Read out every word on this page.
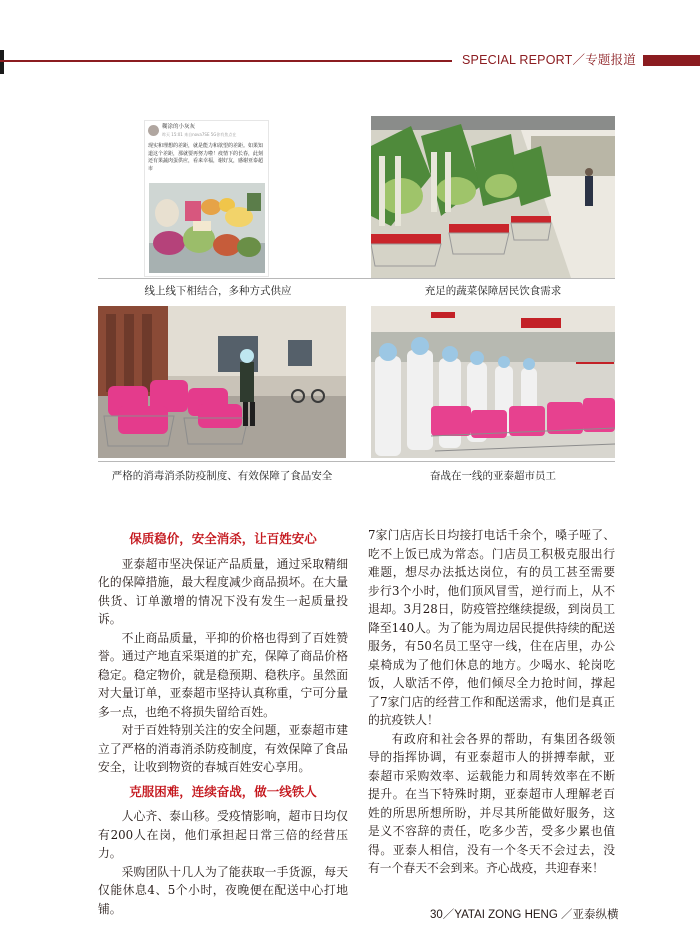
SPECIAL REPORT／专题报道
糊涂的小灰灰
昨天 15:01 来自nova7SE 5G你有焦点在
现实和理想的差距，就是能力和欲望的差距。如果知道这个差距，那就要再努力啦！疫情下的长春，此刻还有果蔬肉蛋供应，看来幸福，谢好友，感谢亚泰超市
线上线下相结合，多种方式供应	充足的蔬菜保障居民饮食需求
严格的消毒消杀防疫制度、有效保障了食品安全	奋战在一线的亚泰超市员工
保质稳价，安全消杀，让百姓安心

亚泰超市坚决保证产品质量，通过采取精细化的保障措施，最大程度减少商品损坏。在大量供货、订单激增的情况下没有发生一起质量投诉。

不止商品质量，平抑的价格也得到了百姓赞誉。通过产地直采渠道的扩充，保障了商品价格稳定。稳定物价，就是稳预期、稳秩序。虽然面对大量订单，亚泰超市坚持认真称重，宁可分量多一点，也绝不将损失留给百姓。

对于百姓特别关注的安全问题，亚泰超市建立了严格的消毒消杀防疫制度，有效保障了食品安全，让收到物资的春城百姓安心享用。

克服困难，连续奋战，做一线铁人

人心齐、泰山移。受疫情影响，超市日均仅有200人在岗，他们承担起日常三倍的经营压力。

采购团队十几人为了能获取一手货源，每天仅能休息4、5个小时，夜晚便在配送中心打地铺。

7家门店店长日均接打电话千余个，嗓子哑了、吃不上饭已成为常态。门店员工积极克服出行难题，想尽办法抵达岗位，有的员工甚至需要步行3个小时，他们顶风冒雪，逆行而上，从不退却。3月28日，防疫管控继续提级，到岗员工降至140人。为了能为周边居民提供持续的配送服务，有50名员工坚守一线，住在店里，办公桌椅成为了他们休息的地方。少喝水、轮岗吃饭，人歇活不停，他们倾尽全力抢时间，撑起了7家门店的经营工作和配送需求，他们是真正的抗疫铁人！

有政府和社会各界的帮助，有集团各级领导的指挥协调，有亚泰超市人的拼搏奉献，亚泰超市采购效率、运载能力和周转效率在不断提升。在当下特殊时期，亚泰超市人理解老百姓的所思所想所盼，并尽其所能做好服务，这是义不容辞的责任，吃多少苦，受多少累也值得。亚泰人相信，没有一个冬天不会过去，没有一个春天不会到来。齐心战疫，共迎春来！

30／YATAI ZONG HENG ／亚泰纵横
